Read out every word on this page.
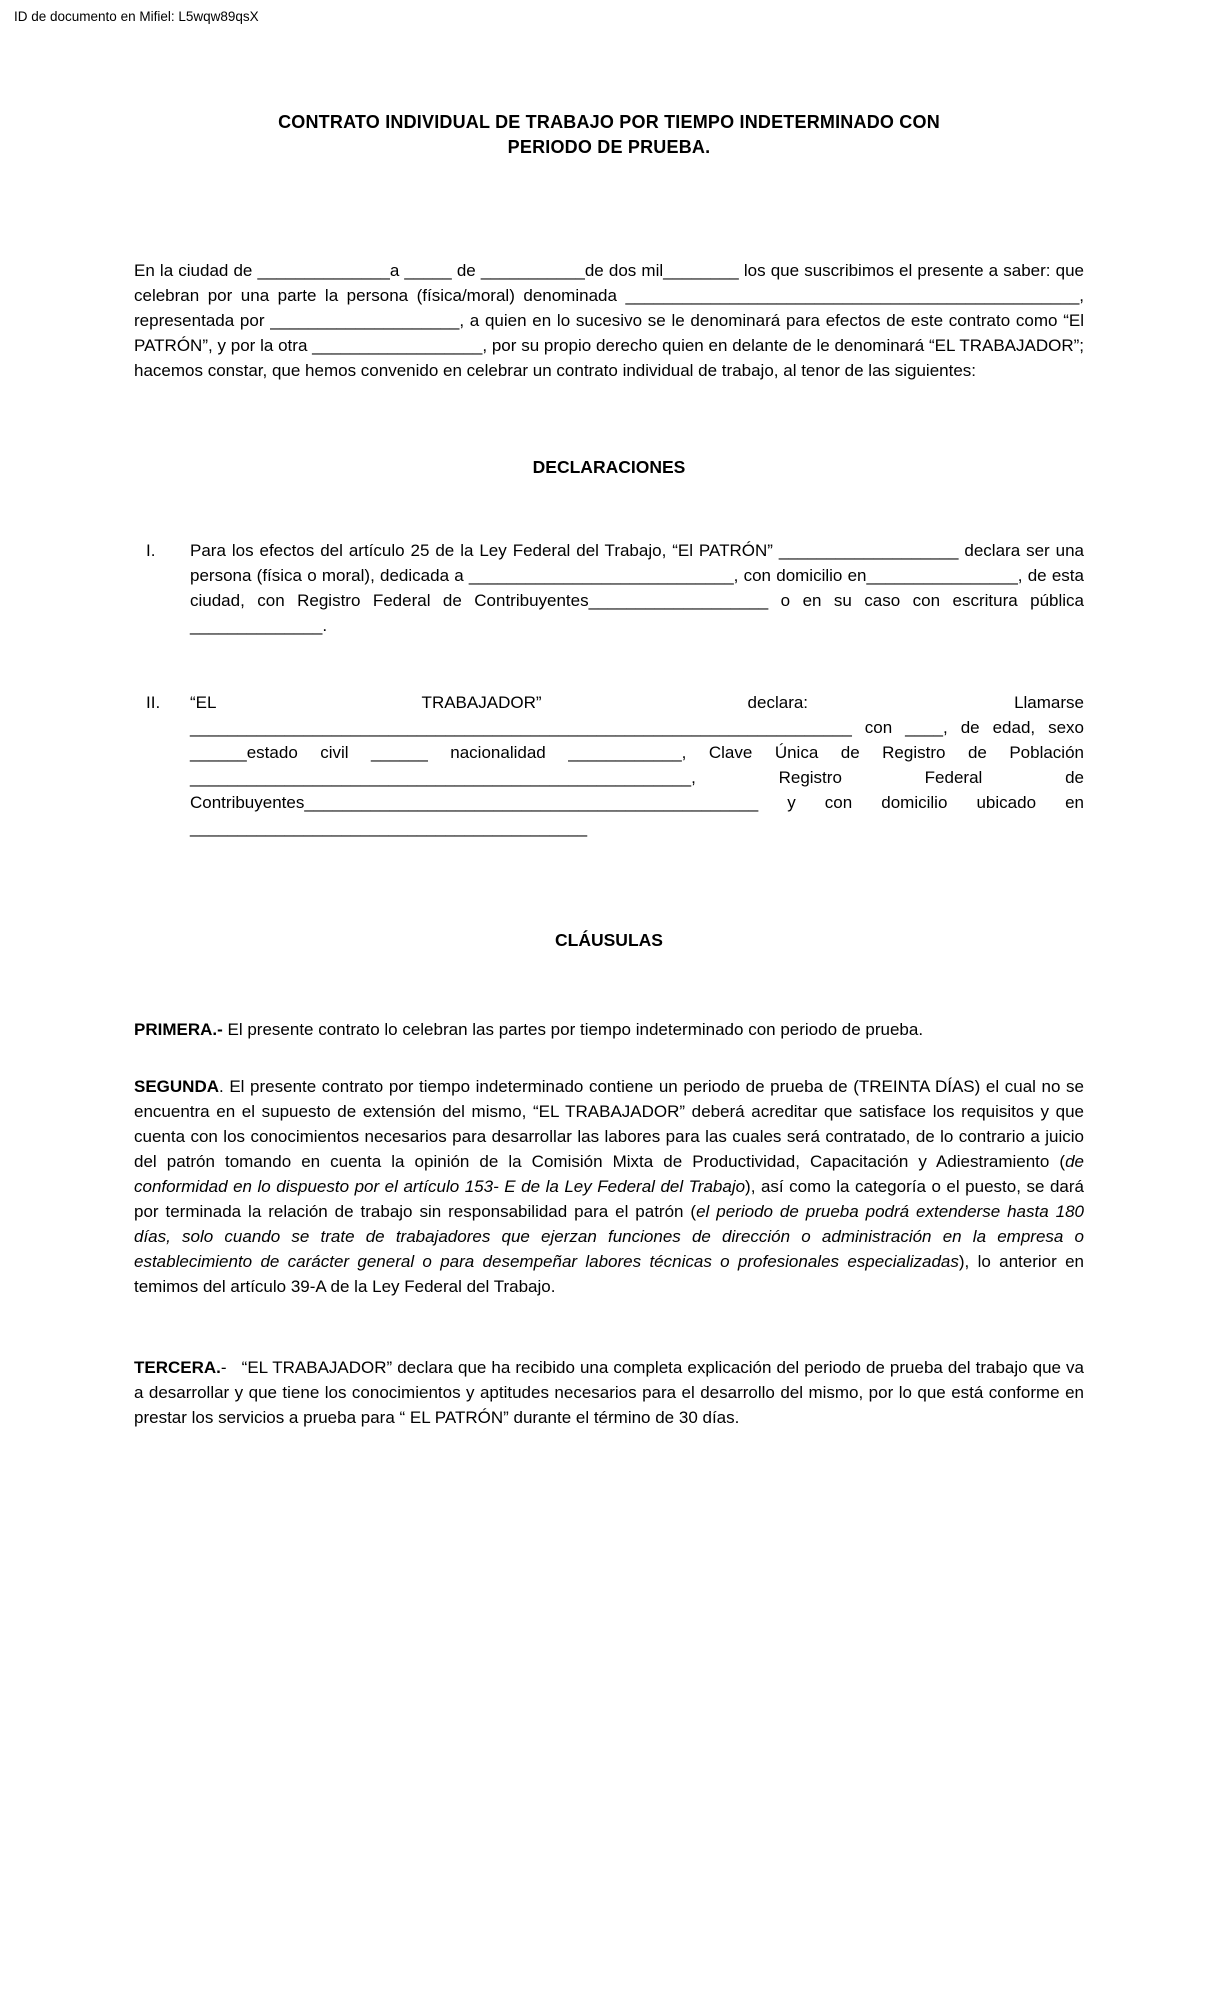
ID de documento en Mifiel: L5wqw89qsX
CONTRATO INDIVIDUAL DE TRABAJO POR TIEMPO INDETERMINADO CON
PERIODO DE PRUEBA.

En la ciudad de ______________a _____ de ___________de dos mil________ los que suscribimos el presente a saber: que celebran por una parte la persona (física/moral) denominada ________________________________________________, representada por ____________________, a quien en lo sucesivo se le denominará para efectos de este contrato como “El PATRÓN”, y por la otra __________________, por su propio derecho quien en delante de le denominará “EL TRABAJADOR”; hacemos constar, que hemos convenido en celebrar un contrato individual de trabajo, al tenor de las siguientes:

DECLARACIONES
I. Para los efectos del artículo 25 de la Ley Federal del Trabajo, “El PATRÓN” ___________________ declara ser una persona (física o moral), dedicada a ____________________________, con domicilio en________________, de esta ciudad, con Registro Federal de Contribuyentes___________________ o en su caso con escritura pública ______________.
II. “EL TRABAJADOR” declara: Llamarse ______________________________________________________________________ con ____, de edad, sexo ______estado civil ______ nacionalidad ____________, Clave Única de Registro de Población _____________________________________________________, Registro Federal de Contribuyentes________________________________________________ y con domicilio ubicado en __________________________________________
CLÁUSULAS

PRIMERA.- El presente contrato lo celebran las partes por tiempo indeterminado con periodo de prueba.

SEGUNDA. El presente contrato por tiempo indeterminado contiene un periodo de prueba de (TREINTA DÍAS) el cual no se encuentra en el supuesto de extensión del mismo, “EL TRABAJADOR” deberá acreditar que satisface los requisitos y que cuenta con los conocimientos necesarios para desarrollar las labores para las cuales será contratado, de lo contrario a juicio del patrón tomando en cuenta la opinión de la Comisión Mixta de Productividad, Capacitación y Adiestramiento (de conformidad en lo dispuesto por el artículo 153- E de la Ley Federal del Trabajo), así como la categoría o el puesto, se dará por terminada la relación de trabajo sin responsabilidad para el patrón (el periodo de prueba podrá extenderse hasta 180 días, solo cuando se trate de trabajadores que ejerzan funciones de dirección o administración en la empresa o establecimiento de carácter general o para desempeñar labores técnicas o profesionales especializadas), lo anterior en temimos del artículo 39-A de la Ley Federal del Trabajo.

TERCERA.-   “EL TRABAJADOR” declara que ha recibido una completa explicación del periodo de prueba del trabajo que va a desarrollar y que tiene los conocimientos y aptitudes necesarios para el desarrollo del mismo, por lo que está conforme en prestar los servicios a prueba para “ EL PATRÓN” durante el término de 30 días.
